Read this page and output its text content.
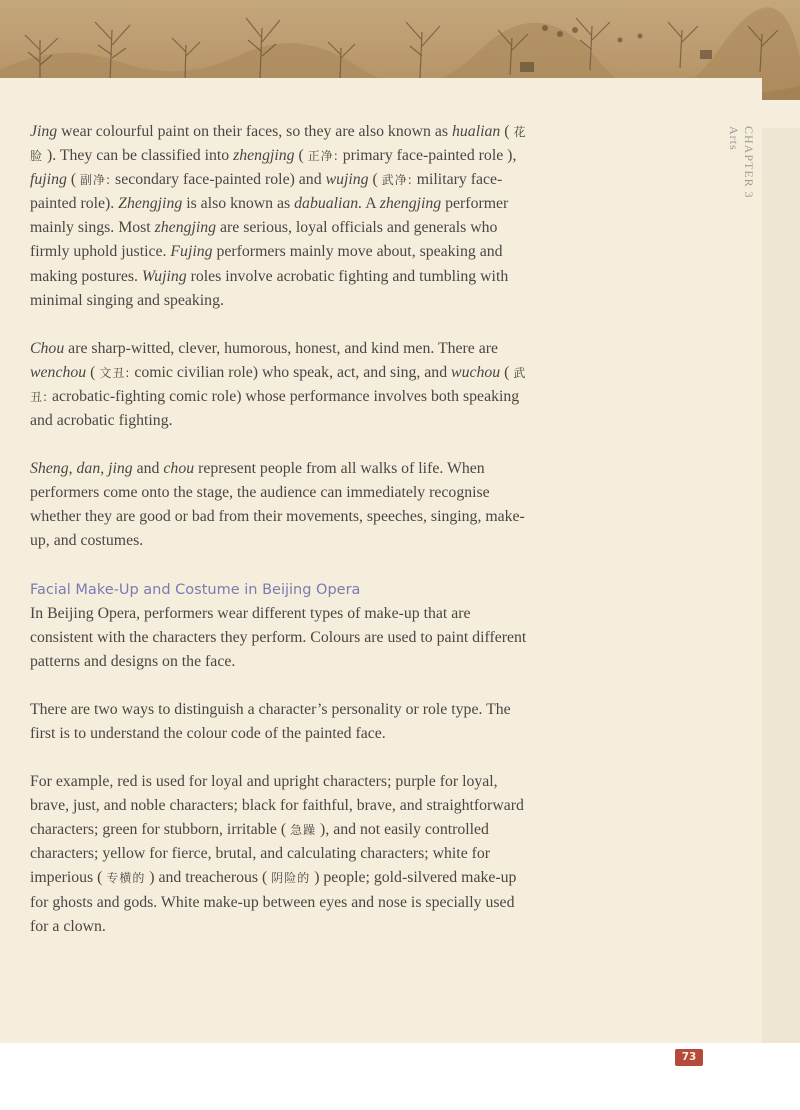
CHAPTER 3
Arts

Jing wear colourful paint on their faces, so they are also known as hualian ( 花脸 ). They can be classified into zhengjing ( 正净: primary face-painted role ), fujing ( 副净: secondary face-painted role) and wujing ( 武净: military face-painted role). Zhengjing is also known as dabualian. A zhengjing performer mainly sings. Most zhengjing are serious, loyal officials and generals who firmly uphold justice. Fujing performers mainly move about, speaking and making postures. Wujing roles involve acrobatic fighting and tumbling with minimal singing and speaking.

Chou are sharp-witted, clever, humorous, honest, and kind men. There are wenchou ( 文丑: comic civilian role) who speak, act, and sing, and wuchou ( 武丑: acrobatic-fighting comic role) whose performance involves both speaking and acrobatic fighting.

Sheng, dan, jing and chou represent people from all walks of life. When performers come onto the stage, the audience can immediately recognise whether they are good or bad from their movements, speeches, singing, make-up, and costumes.

Facial Make-Up and Costume in Beijing Opera

In Beijing Opera, performers wear different types of make-up that are consistent with the characters they perform. Colours are used to paint different patterns and designs on the face.

There are two ways to distinguish a character’s personality or role type. The first is to understand the colour code of the painted face.

For example, red is used for loyal and upright characters; purple for loyal, brave, just, and noble characters; black for faithful, brave, and straightforward characters; green for stubborn, irritable ( 急躁 ), and not easily controlled characters; yellow for fierce, brutal, and calculating characters; white for imperious ( 专横的 ) and treacherous ( 阴险的 ) people; gold-silvered make-up for ghosts and gods. White make-up between eyes and nose is specially used for a clown.

73
